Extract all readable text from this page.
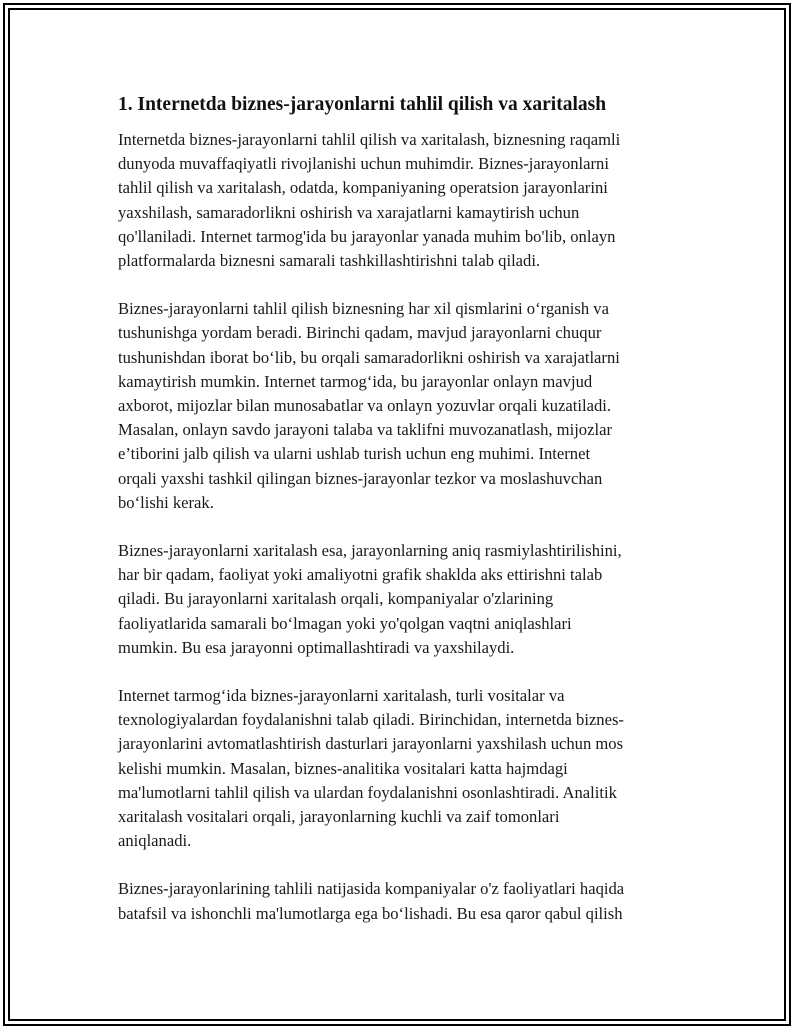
1. Internetda biznes-jarayonlarni tahlil qilish va xaritalash
Internetda biznes-jarayonlarni tahlil qilish va xaritalash, biznesning raqamli
dunyoda muvaffaqiyatli rivojlanishi uchun muhimdir. Biznes-jarayonlarni
tahlil qilish va xaritalash, odatda, kompaniyaning operatsion jarayonlarini
yaxshilash, samaradorlikni oshirish va xarajatlarni kamaytirish uchun
qo'llaniladi. Internet tarmog'ida bu jarayonlar yanada muhim bo'lib, onlayn
platformalarda biznesni samarali tashkillashtirishni talab qiladi.
Biznes-jarayonlarni tahlil qilish biznesning har xil qismlarini o‘rganish va
tushunishga yordam beradi. Birinchi qadam, mavjud jarayonlarni chuqur
tushunishdan iborat bo‘lib, bu orqali samaradorlikni oshirish va xarajatlarni
kamaytirish mumkin. Internet tarmog‘ida, bu jarayonlar onlayn mavjud
axborot, mijozlar bilan munosabatlar va onlayn yozuvlar orqali kuzatiladi.
Masalan, onlayn savdo jarayoni talaba va taklifni muvozanatlash, mijozlar
e’tiborini jalb qilish va ularni ushlab turish uchun eng muhimi. Internet
orqali yaxshi tashkil qilingan biznes-jarayonlar tezkor va moslashuvchan
bo‘lishi kerak.
Biznes-jarayonlarni xaritalash esa, jarayonlarning aniq rasmiylashtirilishini,
har bir qadam, faoliyat yoki amaliyotni grafik shaklda aks ettirishni talab
qiladi. Bu jarayonlarni xaritalash orqali, kompaniyalar o'zlarining
faoliyatlarida samarali bo‘lmagan yoki yo'qolgan vaqtni aniqlashlari
mumkin. Bu esa jarayonni optimallashtiradi va yaxshilaydi.
Internet tarmog‘ida biznes-jarayonlarni xaritalash, turli vositalar va
texnologiyalardan foydalanishni talab qiladi. Birinchidan, internetda biznes-
jarayonlarini avtomatlashtirish dasturlari jarayonlarni yaxshilash uchun mos
kelishi mumkin. Masalan, biznes-analitika vositalari katta hajmdagi
ma'lumotlarni tahlil qilish va ulardan foydalanishni osonlashtiradi. Analitik
xaritalash vositalari orqali, jarayonlarning kuchli va zaif tomonlari
aniqlanadi.
Biznes-jarayonlarining tahlili natijasida kompaniyalar o'z faoliyatlari haqida
batafsil va ishonchli ma'lumotlarga ega bo‘lishadi. Bu esa qaror qabul qilish
